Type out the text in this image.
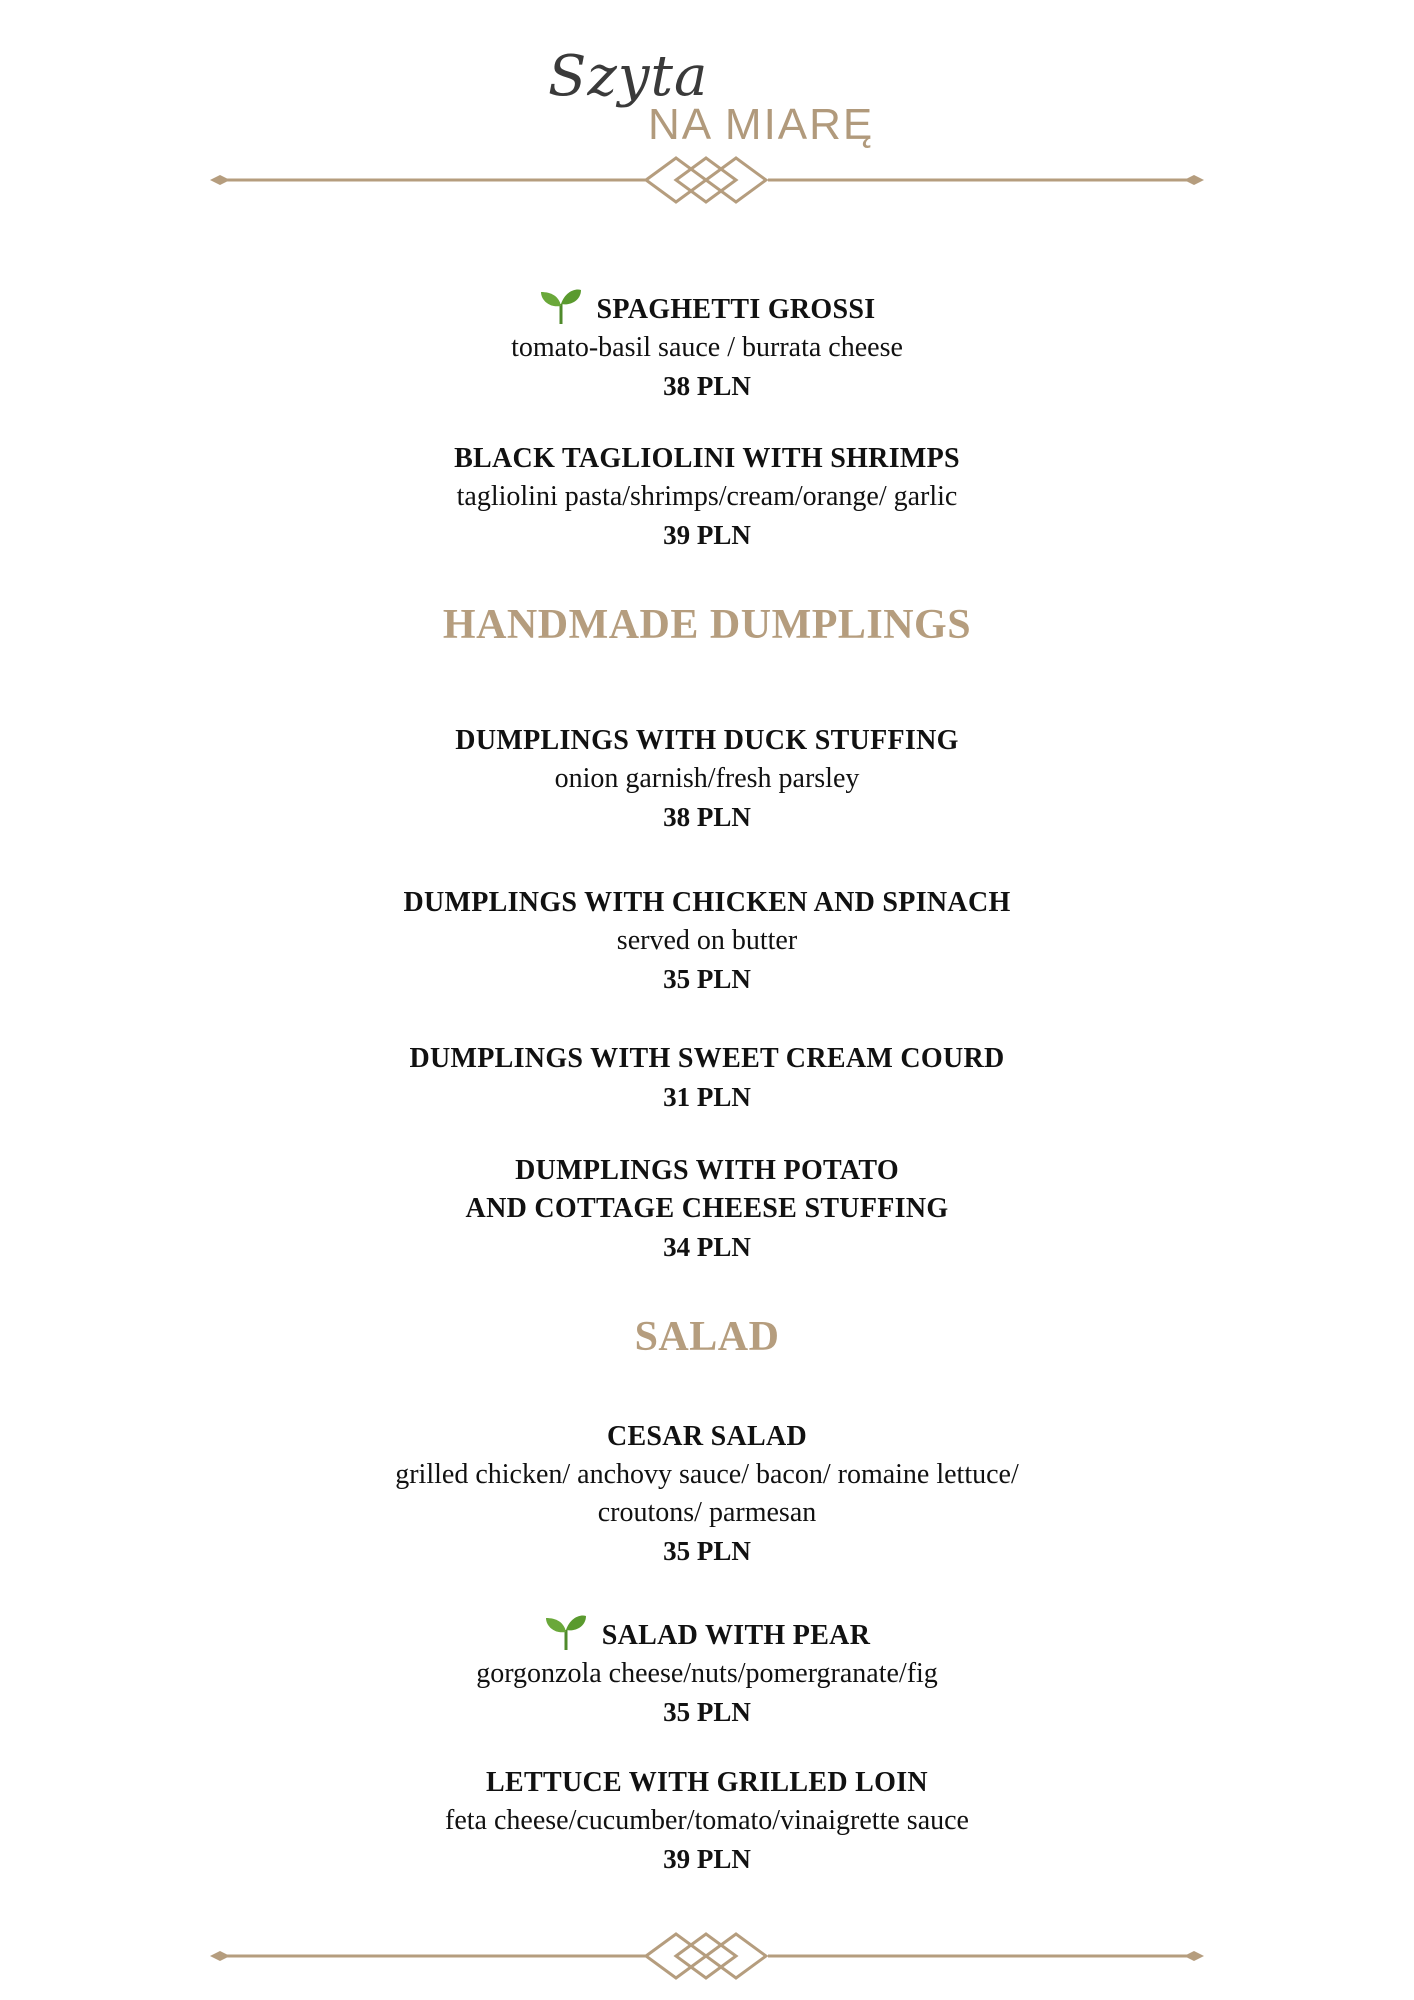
Szyta
NA MIARĘ
SPAGHETTI GROSSI
tomato-basil sauce / burrata cheese
38 PLN
BLACK TAGLIOLINI WITH SHRIMPS
tagliolini pasta/shrimps/cream/orange/ garlic
39 PLN
HANDMADE DUMPLINGS
DUMPLINGS WITH DUCK STUFFING
onion garnish/fresh parsley
38 PLN
DUMPLINGS WITH CHICKEN AND SPINACH
served on butter
35 PLN
DUMPLINGS WITH SWEET CREAM COURD
31 PLN
DUMPLINGS WITH POTATO
AND COTTAGE CHEESE STUFFING
34 PLN
SALAD
CESAR SALAD
grilled chicken/ anchovy sauce/ bacon/ romaine lettuce/
croutons/ parmesan
35 PLN
SALAD WITH PEAR
gorgonzola cheese/nuts/pomergranate/fig
35 PLN
LETTUCE WITH GRILLED LOIN
feta cheese/cucumber/tomato/vinaigrette sauce
39 PLN
